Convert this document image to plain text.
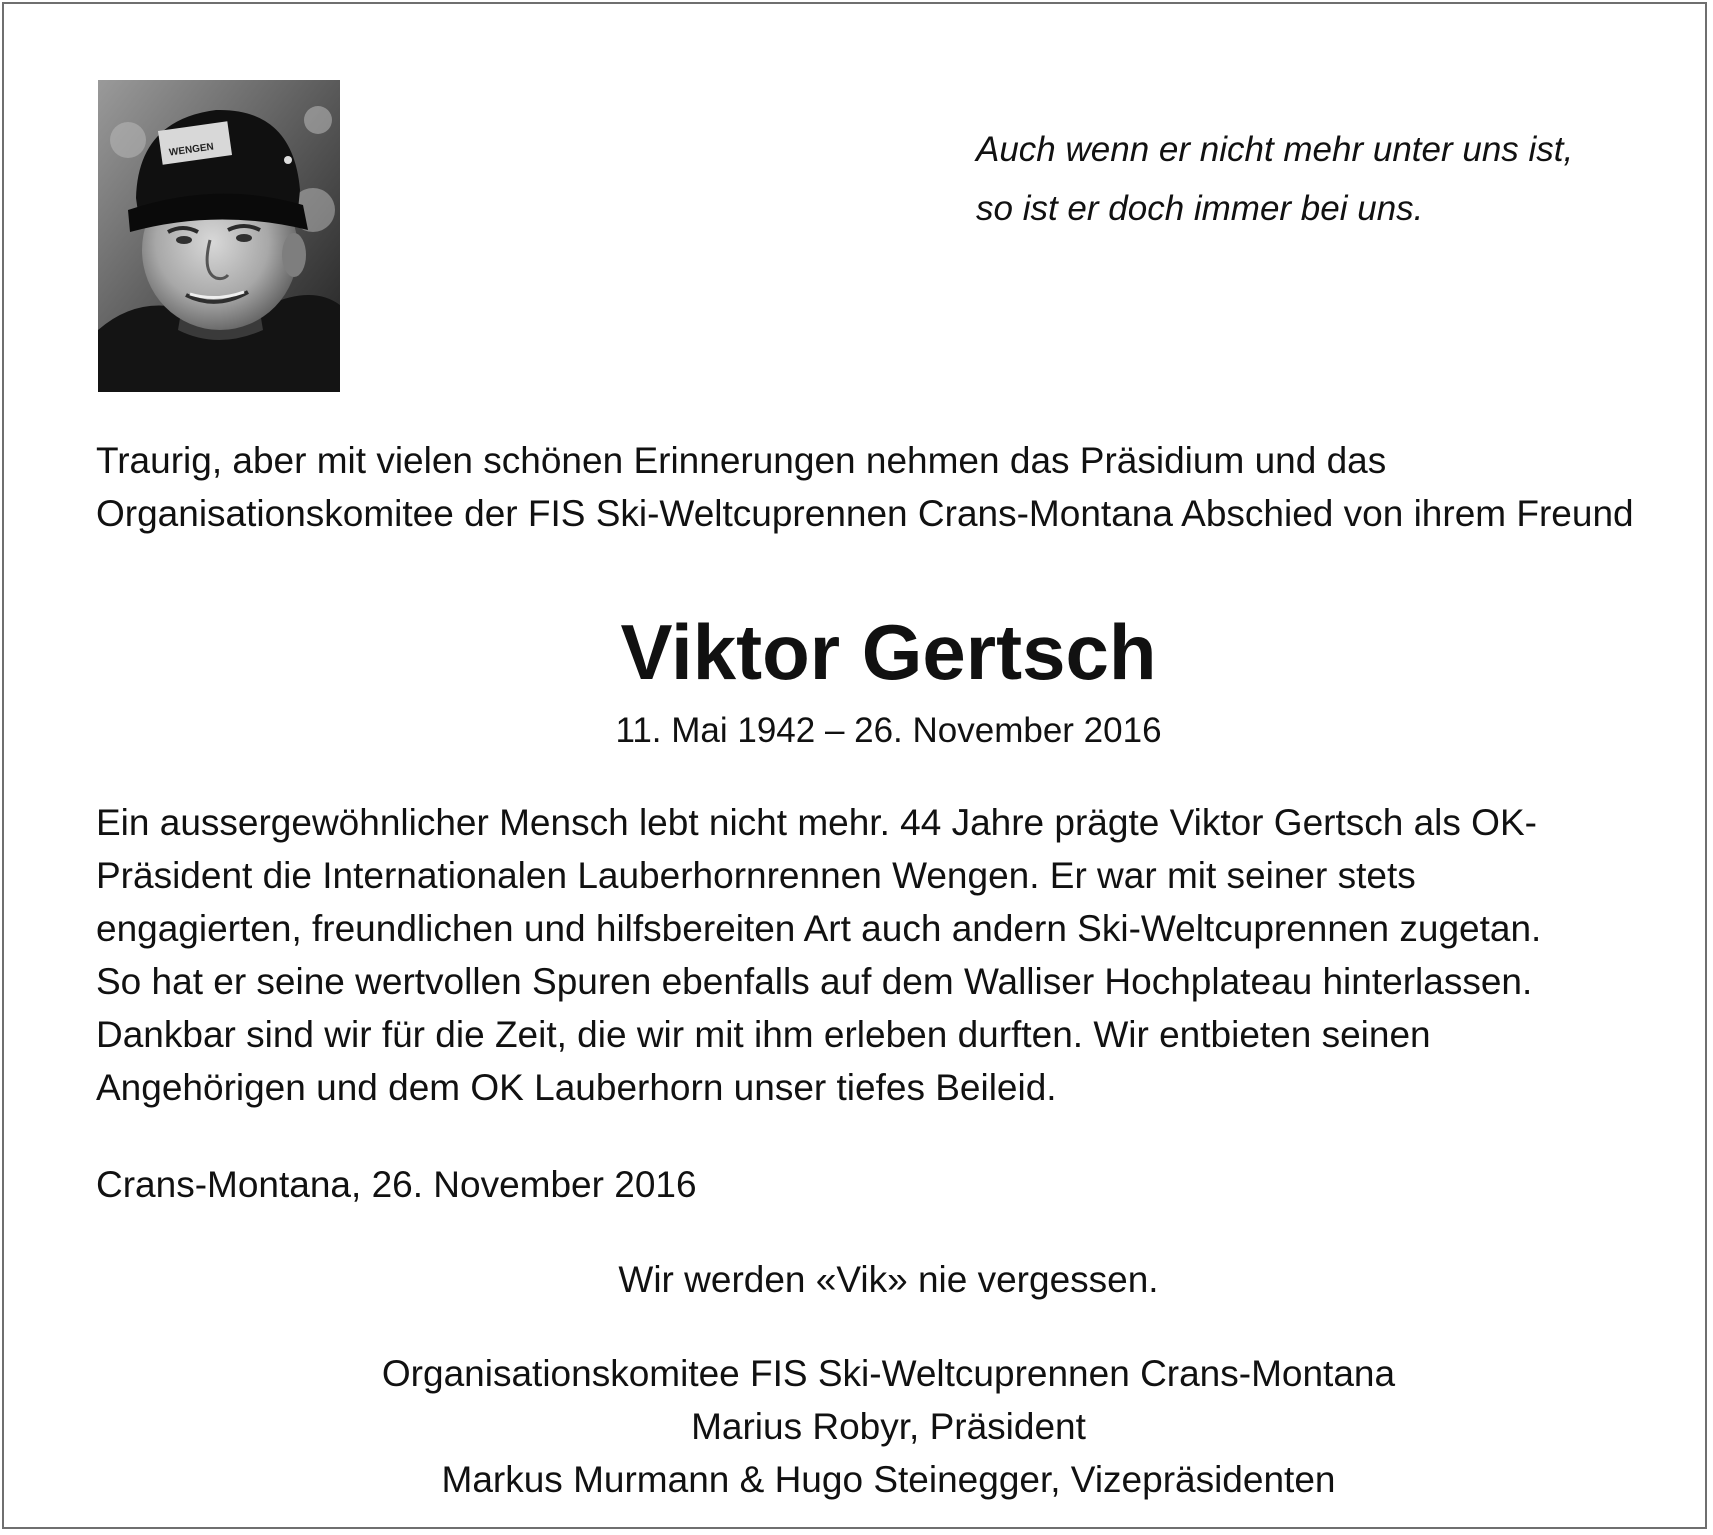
WENGEN	Auch wenn er nicht mehr unter uns ist,
so ist er doch immer bei uns.

Traurig, aber mit vielen schönen Erinnerungen nehmen das Präsidium und das Organisationskomitee der FIS Ski-Weltcuprennen Crans-Montana Abschied von ihrem Freund

Viktor Gertsch

11. Mai 1942 – 26. November 2016

Ein aussergewöhnlicher Mensch lebt nicht mehr. 44 Jahre prägte Viktor Gertsch als OK-
Präsident die Internationalen Lauberhornrennen Wengen. Er war mit seiner stets
engagierten, freundlichen und hilfsbereiten Art auch andern Ski-Weltcuprennen zugetan.
So hat er seine wertvollen Spuren ebenfalls auf dem Walliser Hochplateau hinterlassen.
Dankbar sind wir für die Zeit, die wir mit ihm erleben durften. Wir entbieten seinen
Angehörigen und dem OK Lauberhorn unser tiefes Beileid.

Crans-Montana, 26. November 2016

Wir werden «Vik» nie vergessen.

Organisationskomitee FIS Ski-Weltcuprennen Crans-Montana
Marius Robyr, Präsident
Markus Murmann & Hugo Steinegger, Vizepräsidenten
